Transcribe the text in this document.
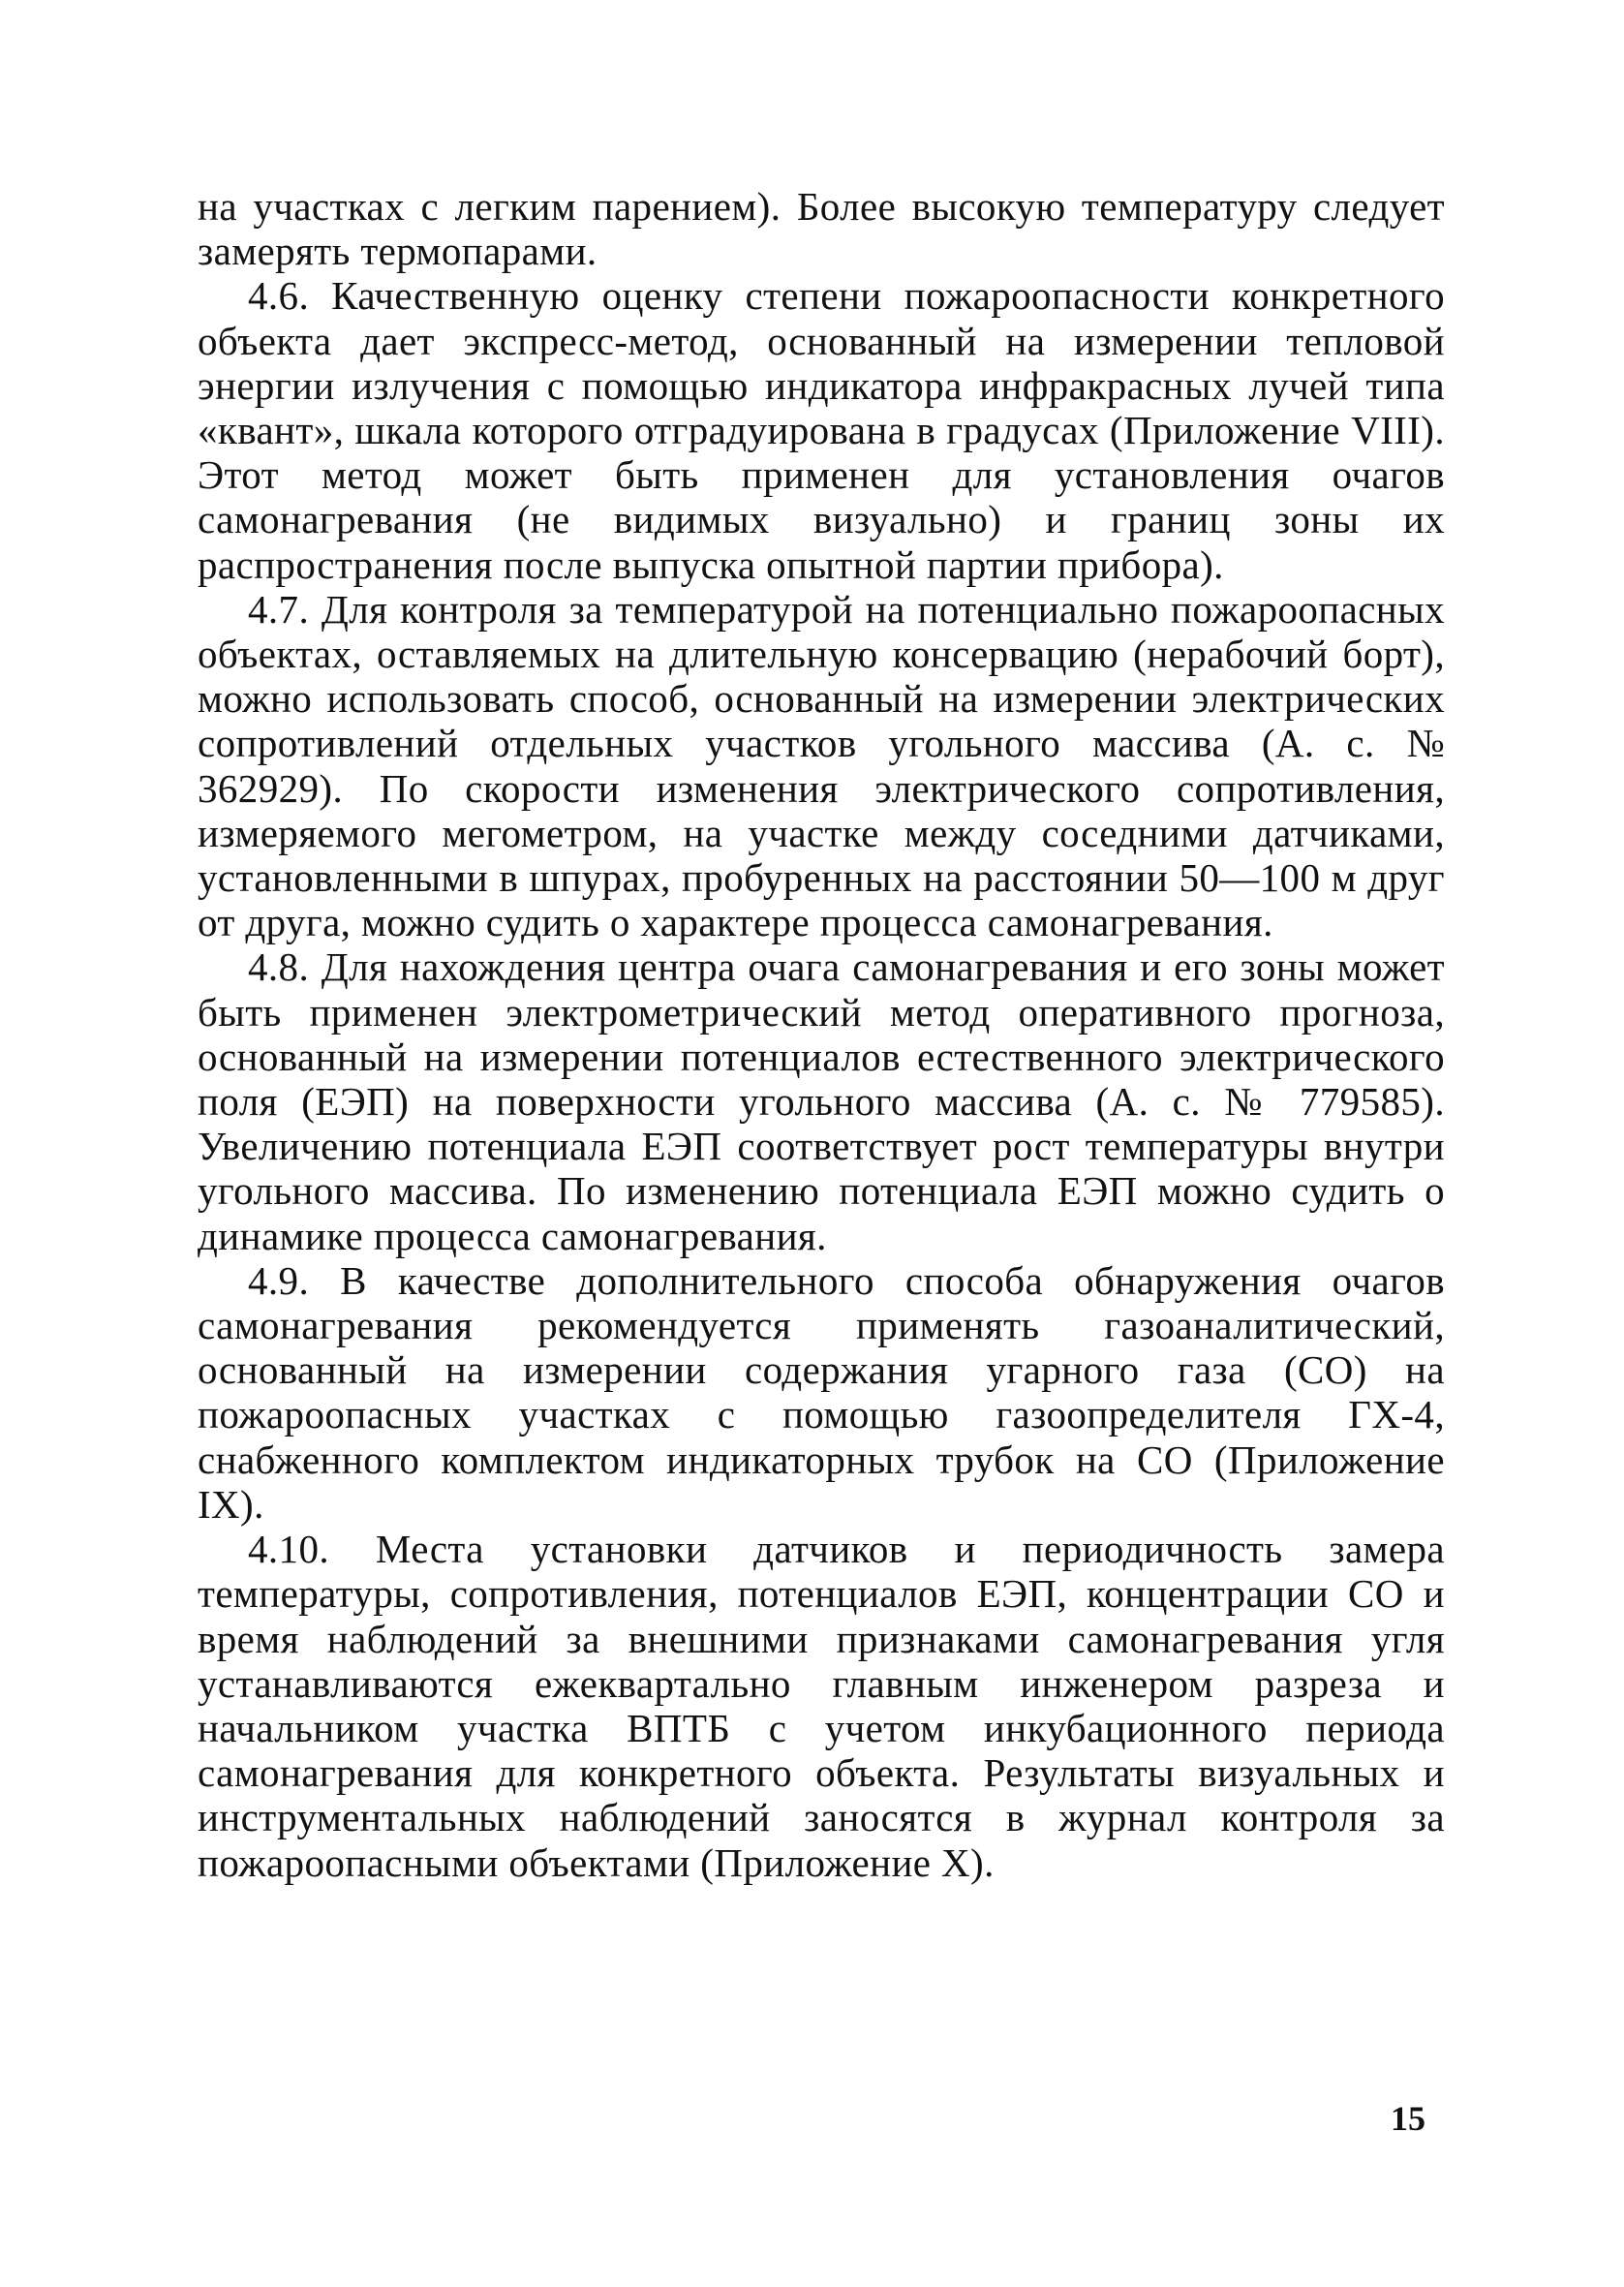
на участках с легким парением). Более высокую температуру следует замерять термопарами.

4.6. Качественную оценку степени пожароопасности конкретного объекта дает экспресс-метод, основанный на измерении тепловой энергии излучения с помощью индикатора инфракрасных лучей типа «квант», шкала которого отградуирована в градусах (Приложение VIII). Этот метод может быть применен для установления очагов самонагревания (не видимых визуально) и границ зоны их распространения после выпуска опытной партии прибора).

4.7. Для контроля за температурой на потенциально пожароопасных объектах, оставляемых на длительную консервацию (нерабочий борт), можно использовать способ, основанный на измерении электрических сопротивлений отдельных участков угольного массива (А. с. № 362929). По скорости изменения электрического сопротивления, измеряемого мегометром, на участке между соседними датчиками, установленными в шпурах, пробуренных на расстоянии 50—100 м друг от друга, можно судить о характере процесса самонагревания.

4.8. Для нахождения центра очага самонагревания и его зоны может быть применен электрометрический метод оперативного прогноза, основанный на измерении потенциалов естественного электрического поля (ЕЭП) на поверхности угольного массива (А. с. № 779585). Увеличению потенциала ЕЭП соответствует рост температуры внутри угольного массива. По изменению потенциала ЕЭП можно судить о динамике процесса самонагревания.

4.9. В качестве дополнительного способа обнаружения очагов самонагревания рекомендуется применять газоаналитический, основанный на измерении содержания угарного газа (СО) на пожароопасных участках с помощью газоопределителя ГХ-4, снабженного комплектом индикаторных трубок на СО (Приложение IX).

4.10. Места установки датчиков и периодичность замера температуры, сопротивления, потенциалов ЕЭП, концентрации СО и время наблюдений за внешними признаками самонагревания угля устанавливаются ежеквартально главным инженером разреза и начальником участка ВПТБ с учетом инкубационного периода самонагревания для конкретного объекта. Результаты визуальных и инструментальных наблюдений заносятся в журнал контроля за пожароопасными объектами (Приложение X).

15
